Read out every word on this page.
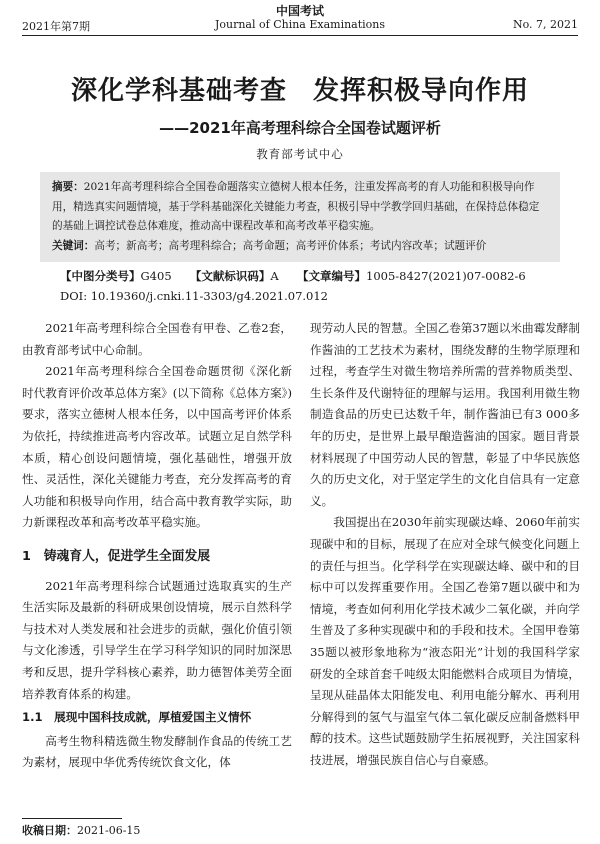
中国考试
2021年第7期	Journal of China Examinations	No. 7, 2021
深化学科基础考查 发挥积极导向作用
——2021年高考理科综合全国卷试题评析
教育部考试中心

摘要：2021年高考理科综合全国卷命题落实立德树人根本任务，注重发挥高考的育人功能和积极导向作用，精选真实问题情境，基于学科基础深化关键能力考查，积极引导中学教学回归基础，在保持总体稳定的基础上调控试卷总体难度，推动高中课程改革和高考改革平稳实施。

关键词：高考；新高考；高考理科综合；高考命题；高考评价体系；考试内容改革；试题评价

【中图分类号】G405 【文献标识码】A 【文章编号】1005-8427(2021)07-0082-6
DOI: 10.19360/j.cnki.11-3303/g4.2021.07.012

2021年高考理科综合全国卷有甲卷、乙卷2套，由教育部考试中心命制。

2021年高考理科综合全国卷命题贯彻《深化新时代教育评价改革总体方案》(以下简称《总体方案》)要求，落实立德树人根本任务，以中国高考评价体系为依托，持续推进高考内容改革。试题立足自然学科本质，精心创设问题情境，强化基础性，增强开放性、灵活性，深化关键能力考查，充分发挥高考的育人功能和积极导向作用，结合高中教育教学实际，助力新课程改革和高考改革平稳实施。

1　铸魂育人，促进学生全面发展

2021年高考理科综合试题通过选取真实的生产生活实际及最新的科研成果创设情境，展示自然科学与技术对人类发展和社会进步的贡献，强化价值引领与文化渗透，引导学生在学习科学知识的同时加深思考和反思，提升学科核心素养，助力德智体美劳全面培养教育体系的构建。

1.1　展现中国科技成就，厚植爱国主义情怀

高考生物科精选微生物发酵制作食品的传统工艺为素材，展现中华优秀传统饮食文化，体

现劳动人民的智慧。全国乙卷第37题以米曲霉发酵制作酱油的工艺技术为素材，围绕发酵的生物学原理和过程，考查学生对微生物培养所需的营养物质类型、生长条件及代谢特征的理解与运用。我国利用微生物制造食品的历史已达数千年，制作酱油已有3 000多年的历史，是世界上最早酿造酱油的国家。题目背景材料展现了中国劳动人民的智慧，彰显了中华民族悠久的历史文化，对于坚定学生的文化自信具有一定意义。

我国提出在2030年前实现碳达峰、2060年前实现碳中和的目标，展现了在应对全球气候变化问题上的责任与担当。化学科学在实现碳达峰、碳中和的目标中可以发挥重要作用。全国乙卷第7题以碳中和为情境，考查如何利用化学技术减少二氧化碳，并向学生普及了多种实现碳中和的手段和技术。全国甲卷第35题以被形象地称为“液态阳光”计划的我国科学家研发的全球首套千吨级太阳能燃料合成项目为情境，呈现从硅晶体太阳能发电、利用电能分解水、再利用分解得到的氢气与温室气体二氧化碳反应制备燃料甲醇的技术。这些试题鼓励学生拓展视野，关注国家科技进展，增强民族自信心与自豪感。

收稿日期：2021-06-15
